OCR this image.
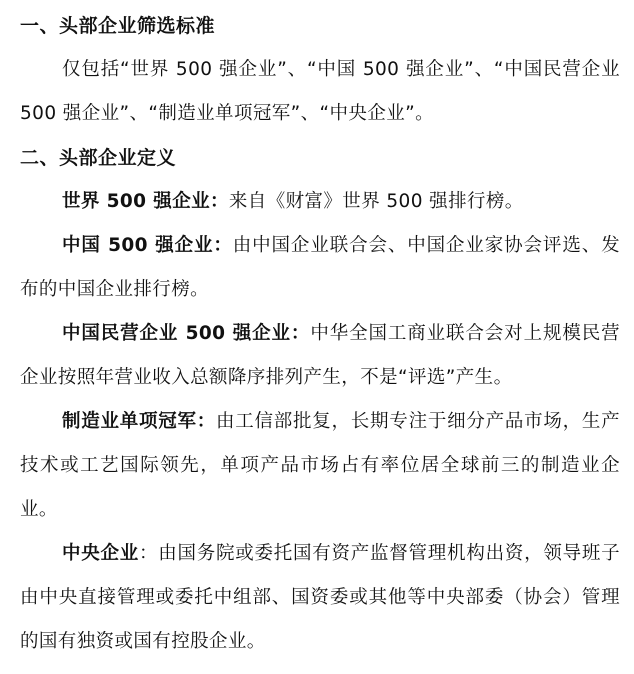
一、头部企业筛选标准

仅包括“世界 500 强企业”、“中国 500 强企业”、“中国民营企业 500 强企业”、“制造业单项冠军”、“中央企业”。

二、头部企业定义

世界 500 强企业：来自《财富》世界 500 强排行榜。

中国 500 强企业：由中国企业联合会、中国企业家协会评选、发布的中国企业排行榜。

中国民营企业 500 强企业：中华全国工商业联合会对上规模民营企业按照年营业收入总额降序排列产生，不是“评选”产生。

制造业单项冠军：由工信部批复，长期专注于细分产品市场，生产技术或工艺国际领先，单项产品市场占有率位居全球前三的制造业企业。

中央企业：由国务院或委托国有资产监督管理机构出资，领导班子由中央直接管理或委托中组部、国资委或其他等中央部委（协会）管理的国有独资或国有控股企业。
